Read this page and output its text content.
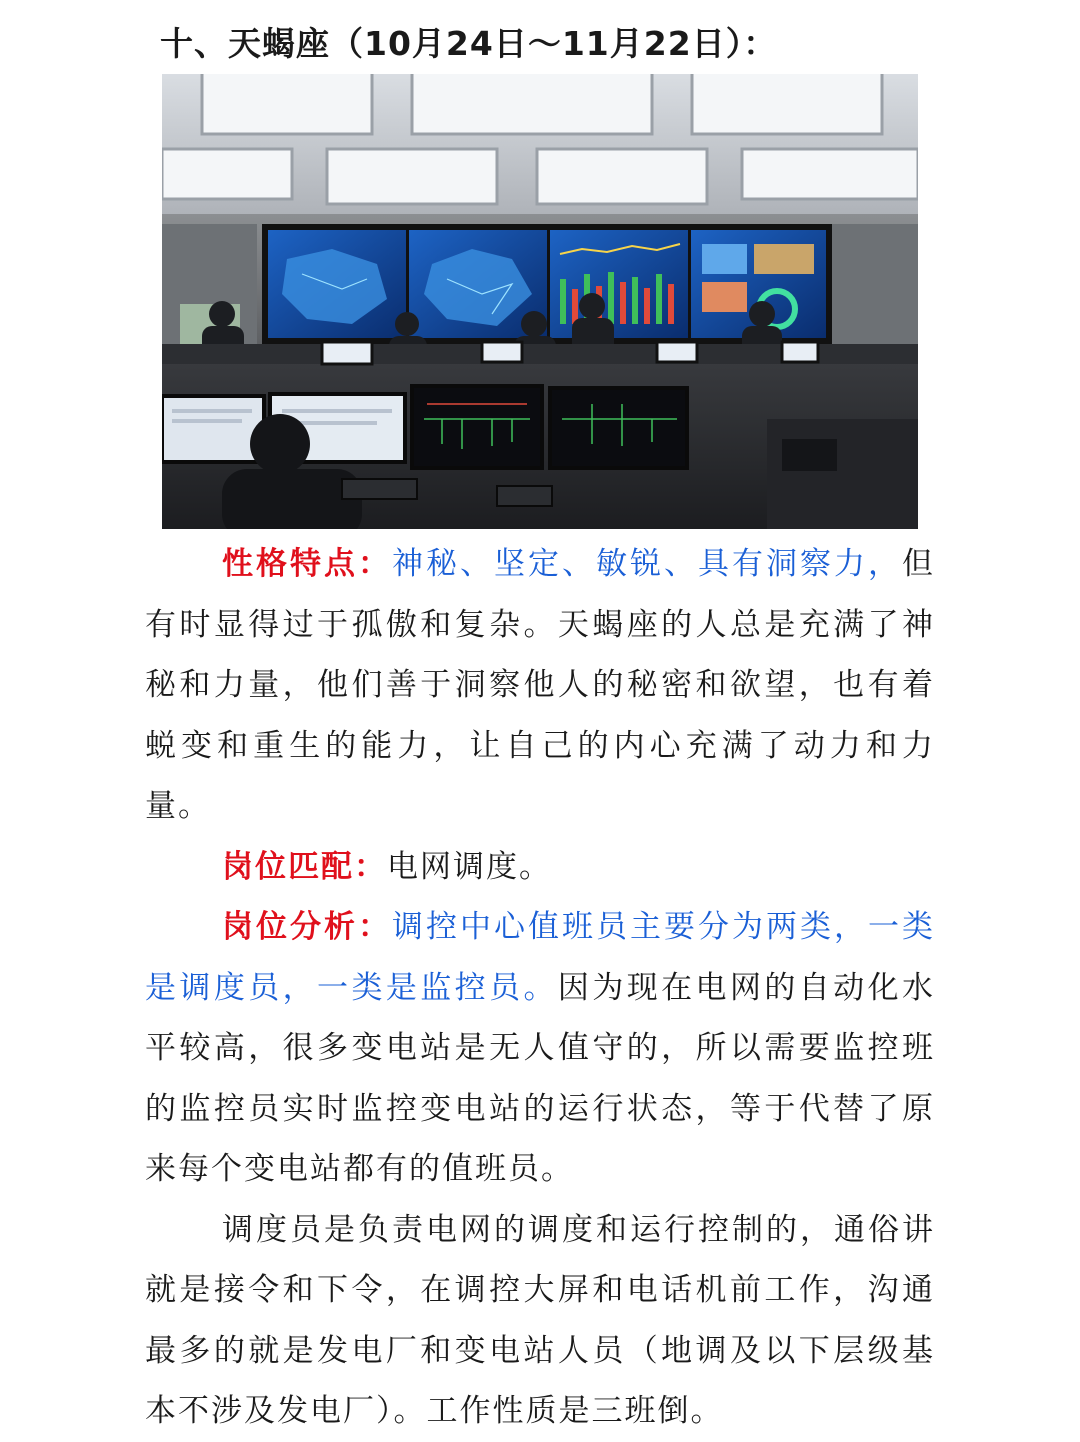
十、天蝎座（10月24日～11月22日）：

性格特点：神秘、坚定、敏锐、具有洞察力，但有时显得过于孤傲和复杂。天蝎座的人总是充满了神秘和力量，他们善于洞察他人的秘密和欲望，也有着蜕变和重生的能力，让自己的内心充满了动力和力量。

岗位匹配：电网调度。

岗位分析：调控中心值班员主要分为两类，一类是调度员，一类是监控员。因为现在电网的自动化水平较高，很多变电站是无人值守的，所以需要监控班的监控员实时监控变电站的运行状态，等于代替了原来每个变电站都有的值班员。

调度员是负责电网的调度和运行控制的，通俗讲就是接令和下令，在调控大屏和电话机前工作，沟通最多的就是发电厂和变电站人员（地调及以下层级基本不涉及发电厂）。工作性质是三班倒。
